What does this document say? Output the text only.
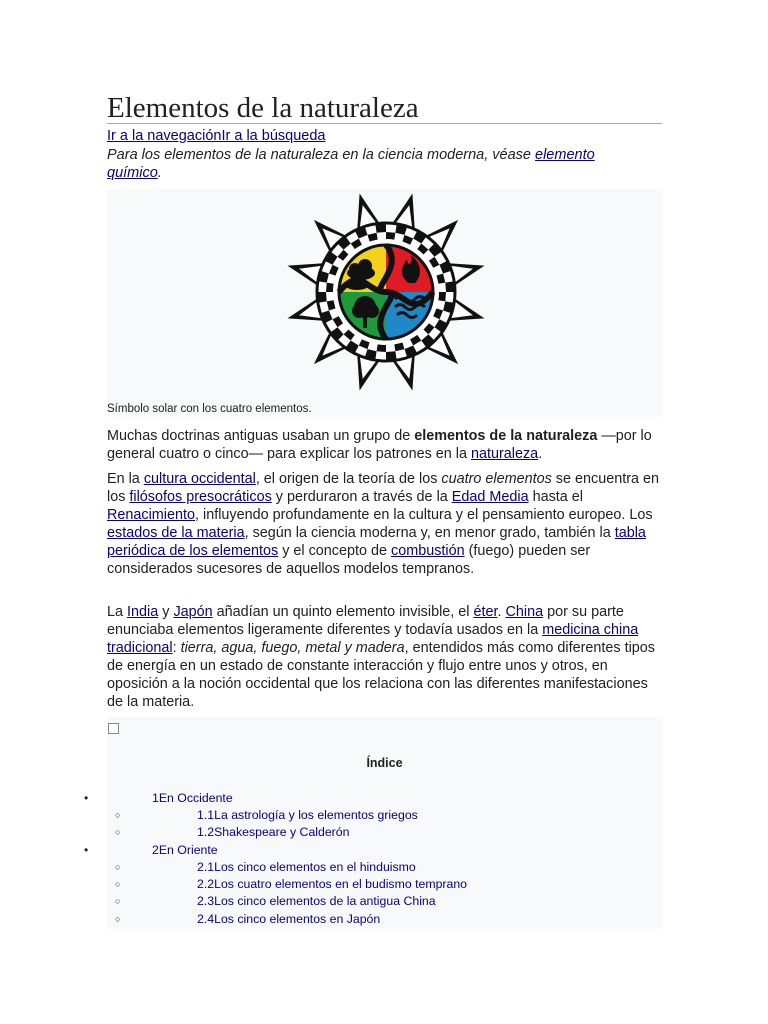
Elementos de la naturaleza
Ir a la navegaciónIr a la búsqueda
Para los elementos de la naturaleza en la ciencia moderna, véase elemento químico.
Símbolo solar con los cuatro elementos.

Muchas doctrinas antiguas usaban un grupo de elementos de la naturaleza —por lo general cuatro o cinco— para explicar los patrones en la naturaleza.

En la cultura occidental, el origen de la teoría de los cuatro elementos se encuentra en los filósofos presocráticos y perduraron a través de la Edad Media hasta el Renacimiento, influyendo profundamente en la cultura y el pensamiento europeo. Los estados de la materia, según la ciencia moderna y, en menor grado, también la tabla periódica de los elementos y el concepto de combustión (fuego) pueden ser considerados sucesores de aquellos modelos tempranos.

La India y Japón añadían un quinto elemento invisible, el éter. China por su parte enunciaba elementos ligeramente diferentes y todavía usados en la medicina china tradicional: tierra, agua, fuego, metal y madera, entendidos más como diferentes tipos de energía en un estado de constante interacción y flujo entre unos y otros, en oposición a la noción occidental que los relaciona con las diferentes manifestaciones de la materia.

Índice
•	1En Occidente
○	1.1La astrología y los elementos griegos
○	1.2Shakespeare y Calderón
•	2En Oriente
○	2.1Los cinco elementos en el hinduismo
○	2.2Los cuatro elementos en el budismo temprano
○	2.3Los cinco elementos de la antigua China
○	2.4Los cinco elementos en Japón
